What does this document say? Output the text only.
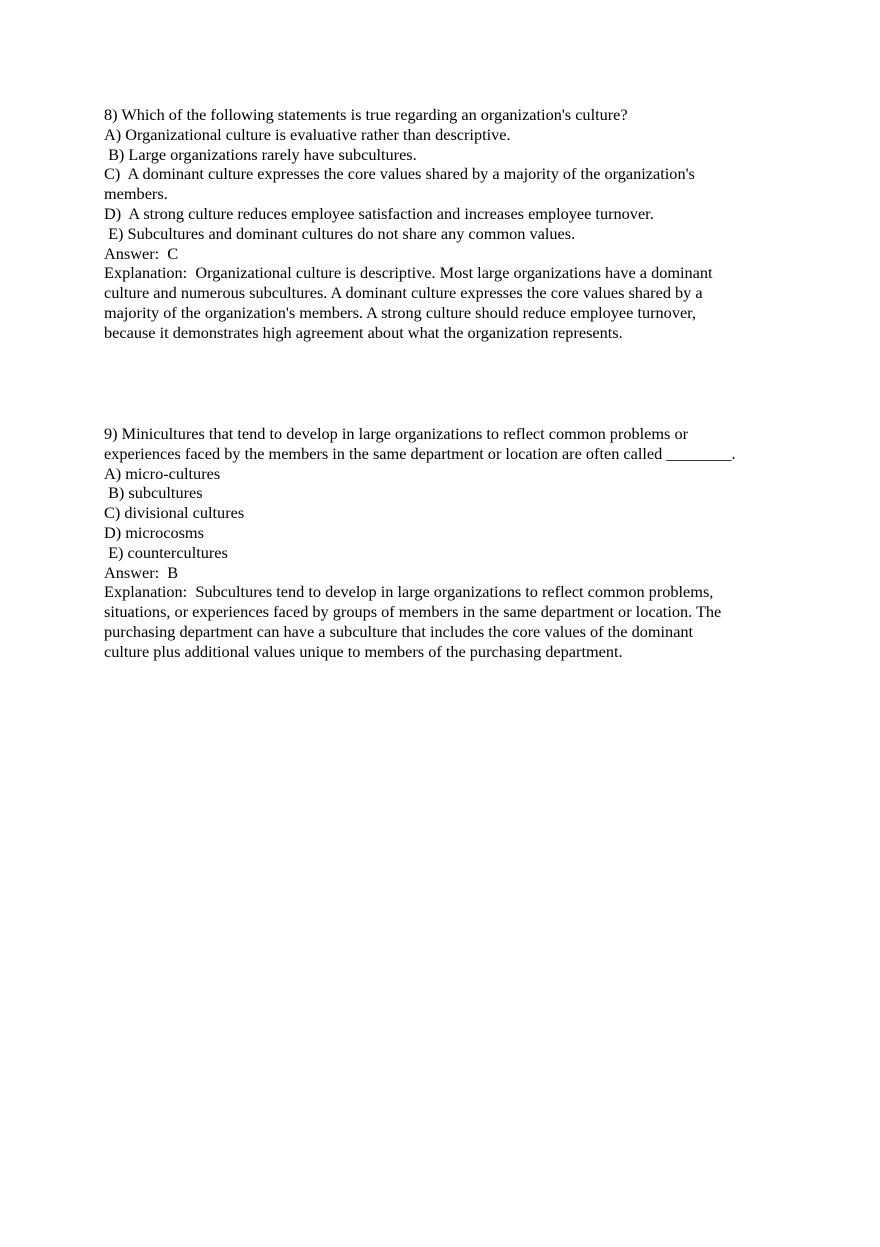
8) Which of the following statements is true regarding an organization's culture?
A) Organizational culture is evaluative rather than descriptive.
B) Large organizations rarely have subcultures.
C)  A dominant culture expresses the core values shared by a majority of the organization's
members.
D)  A strong culture reduces employee satisfaction and increases employee turnover.
E) Subcultures and dominant cultures do not share any common values.
Answer:  C
Explanation:  Organizational culture is descriptive. Most large organizations have a dominant
culture and numerous subcultures. A dominant culture expresses the core values shared by a
majority of the organization's members. A strong culture should reduce employee turnover,
because it demonstrates high agreement about what the organization represents.
9) Minicultures that tend to develop in large organizations to reflect common problems or
experiences faced by the members in the same department or location are often called ________.
A) micro-cultures
B) subcultures
C) divisional cultures
D) microcosms
E) countercultures
Answer:  B
Explanation:  Subcultures tend to develop in large organizations to reflect common problems,
situations, or experiences faced by groups of members in the same department or location. The
purchasing department can have a subculture that includes the core values of the dominant
culture plus additional values unique to members of the purchasing department.
